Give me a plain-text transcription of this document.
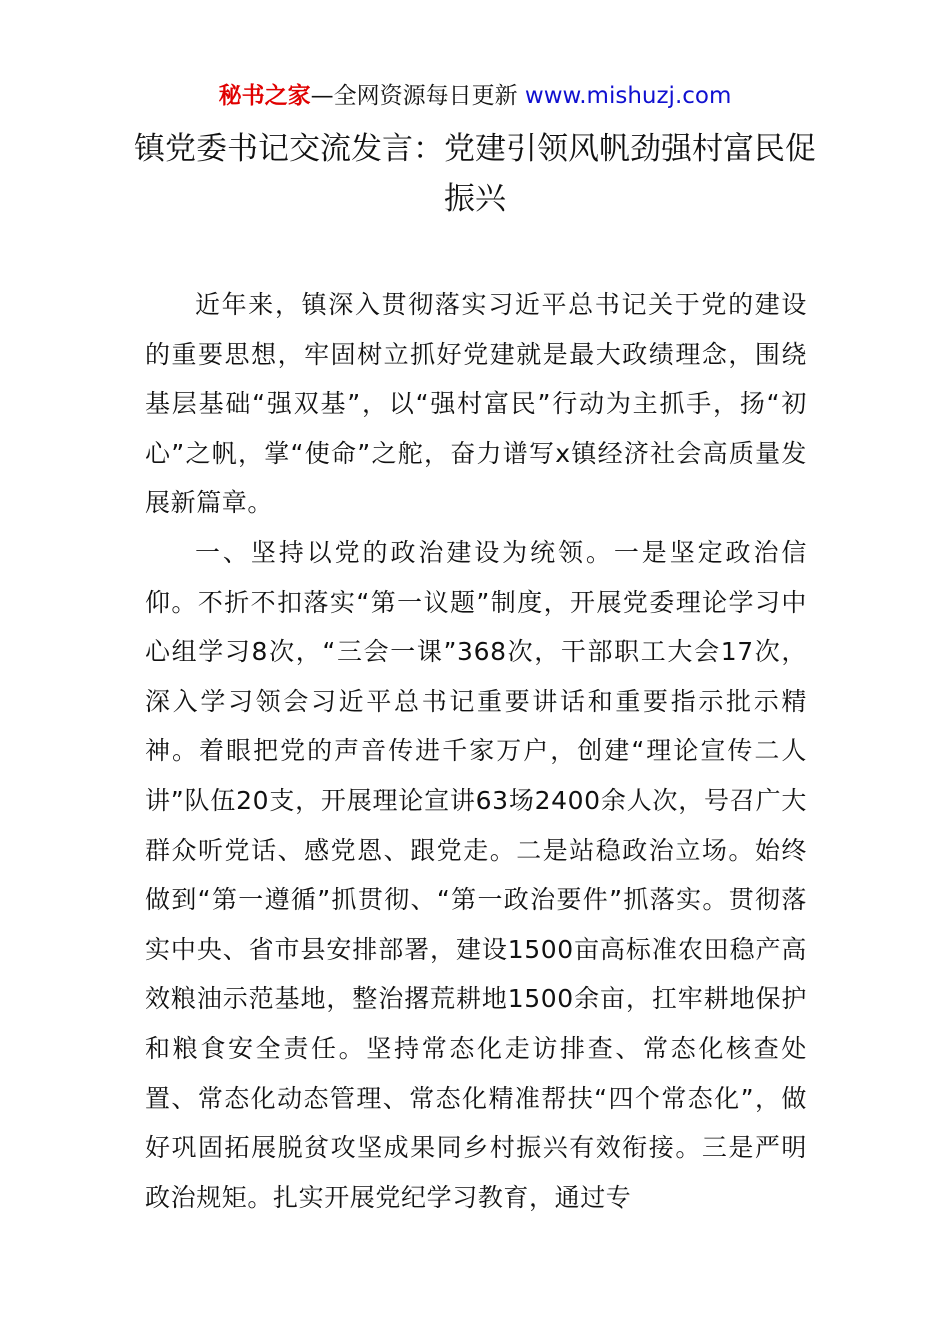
秘书之家—全网资源每日更新 www.mishuzj.com
镇党委书记交流发言：党建引领风帆劲强村富民促振兴

近年来，镇深入贯彻落实习近平总书记关于党的建设的重要思想，牢固树立抓好党建就是最大政绩理念，围绕基层基础“强双基”，以“强村富民”行动为主抓手，扬“初心”之帆，掌“使命”之舵，奋力谱写x镇经济社会高质量发展新篇章。

一、坚持以党的政治建设为统领。一是坚定政治信仰。不折不扣落实“第一议题”制度，开展党委理论学习中心组学习8次，“三会一课”368次，干部职工大会17次，深入学习领会习近平总书记重要讲话和重要指示批示精神。着眼把党的声音传进千家万户，创建“理论宣传二人讲”队伍20支，开展理论宣讲63场2400余人次，号召广大群众听党话、感党恩、跟党走。二是站稳政治立场。始终做到“第一遵循”抓贯彻、“第一政治要件”抓落实。贯彻落实中央、省市县安排部署，建设1500亩高标准农田稳产高效粮油示范基地，整治撂荒耕地1500余亩，扛牢耕地保护和粮食安全责任。坚持常态化走访排查、常态化核查处置、常态化动态管理、常态化精准帮扶“四个常态化”，做好巩固拓展脱贫攻坚成果同乡村振兴有效衔接。三是严明政治规矩。扎实开展党纪学习教育，通过专
